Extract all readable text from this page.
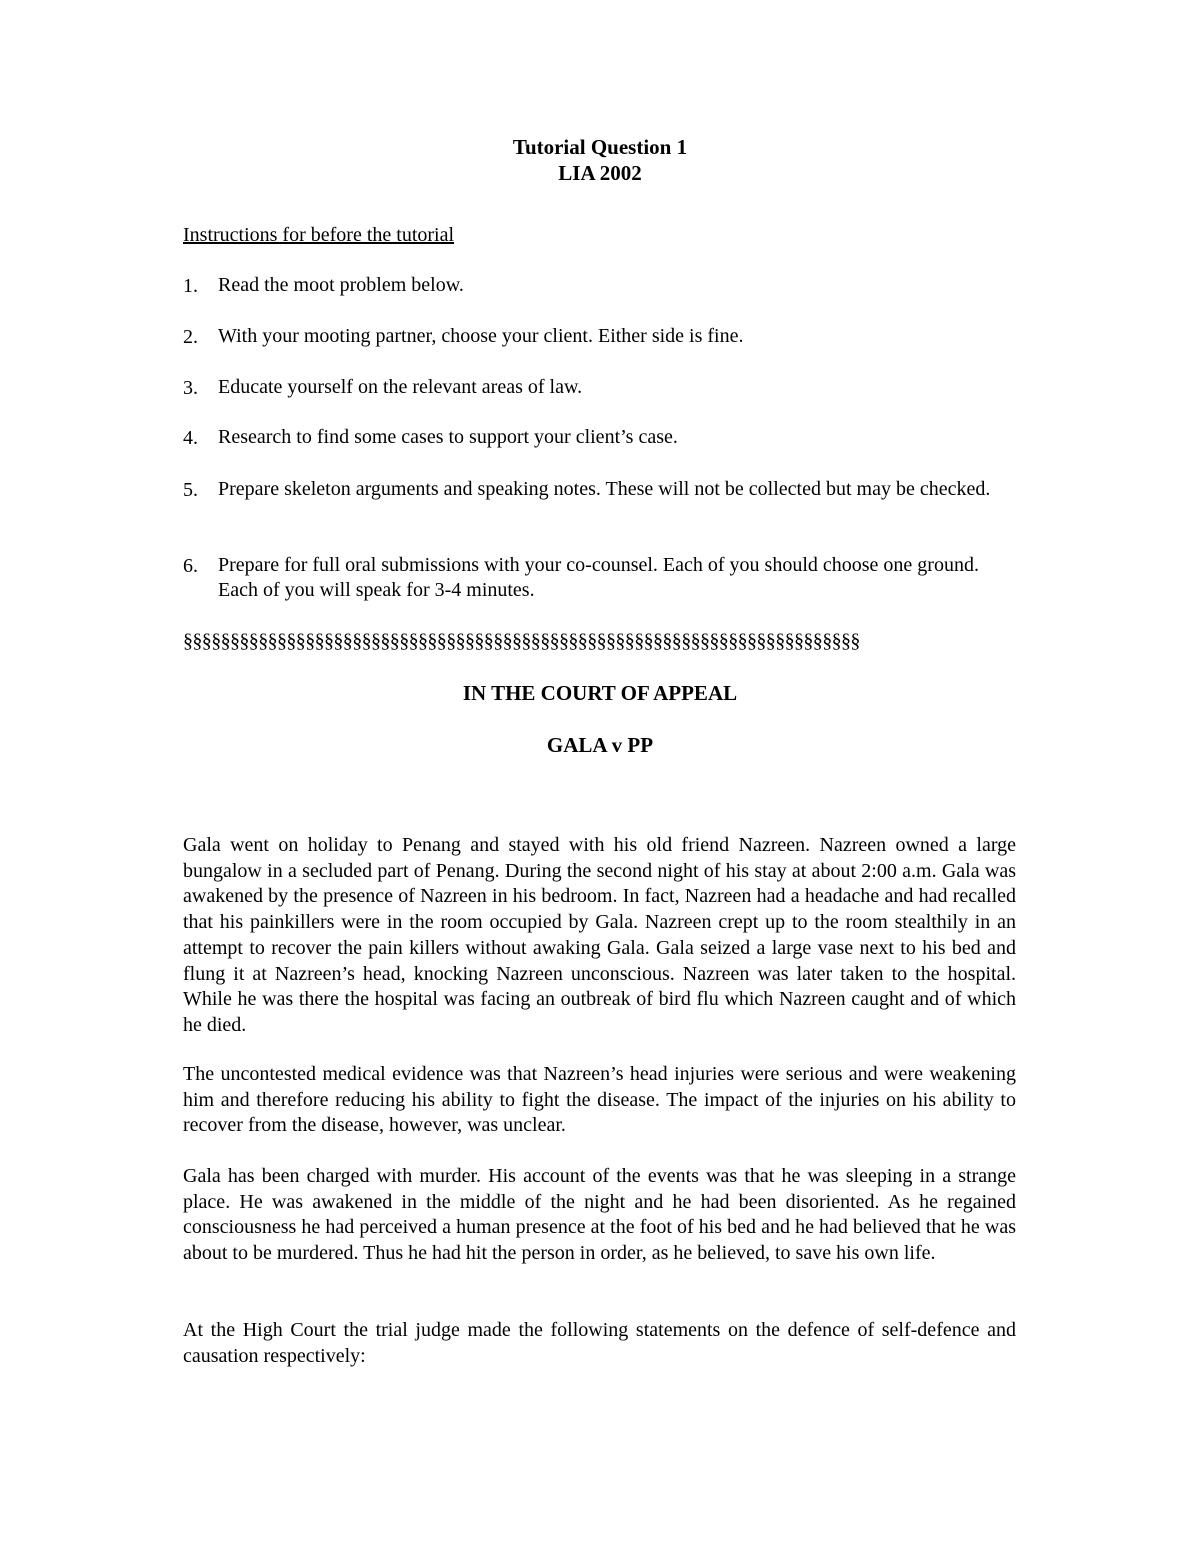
Tutorial Question 1
LIA 2002
Instructions for before the tutorial
1.	Read the moot problem below.
2.	With your mooting partner, choose your client. Either side is fine.
3.	Educate yourself on the relevant areas of law.
4.	Research to find some cases to support your client’s case.
5.	Prepare skeleton arguments and speaking notes. These will not be collected but may be checked.
6.	Prepare for full oral submissions with your co-counsel. Each of you should choose one ground. Each of you will speak for 3-4 minutes.
§§§§§§§§§§§§§§§§§§§§§§§§§§§§§§§§§§§§§§§§§§§§§§§§§§§§§§§§§§§§§§§§§§§§§§§§
IN THE COURT OF APPEAL
GALA v PP
Gala went on holiday to Penang and stayed with his old friend Nazreen. Nazreen owned a large bungalow in a secluded part of Penang. During the second night of his stay at about 2:00 a.m. Gala was awakened by the presence of Nazreen in his bedroom. In fact, Nazreen had a headache and had recalled that his painkillers were in the room occupied by Gala. Nazreen crept up to the room stealthily in an attempt to recover the pain killers without awaking Gala. Gala seized a large vase next to his bed and flung it at Nazreen’s head, knocking Nazreen unconscious. Nazreen was later taken to the hospital. While he was there the hospital was facing an outbreak of bird flu which Nazreen caught and of which he died.
The uncontested medical evidence was that Nazreen’s head injuries were serious and were weakening him and therefore reducing his ability to fight the disease. The impact of the injuries on his ability to recover from the disease, however, was unclear.
Gala has been charged with murder. His account of the events was that he was sleeping in a strange place. He was awakened in the middle of the night and he had been disoriented. As he regained consciousness he had perceived a human presence at the foot of his bed and he had believed that he was about to be murdered. Thus he had hit the person in order, as he believed, to save his own life.
At the High Court the trial judge made the following statements on the defence of self-defence and causation respectively:
